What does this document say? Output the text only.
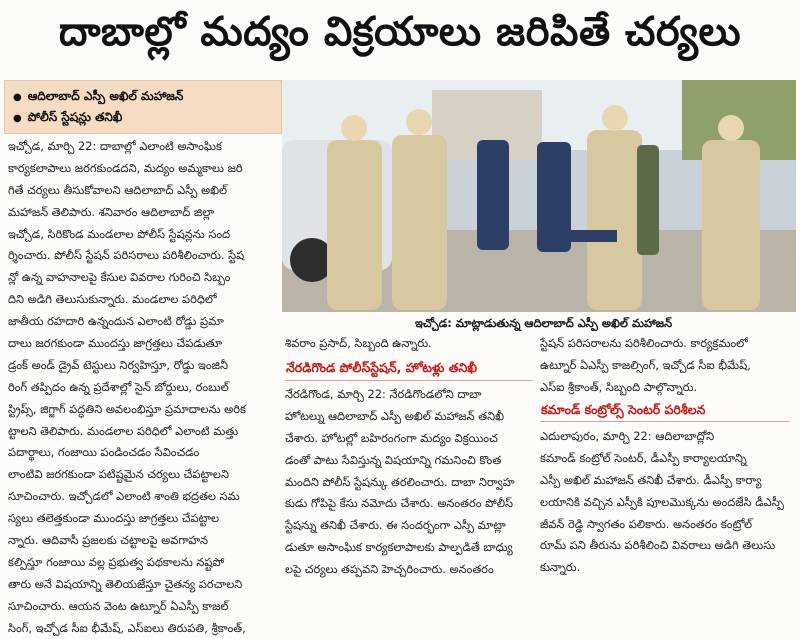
దాబాల్లో మద్యం విక్రయాలు జరిపితే చర్యలు
● ఆదిలాబాద్ ఎస్పీ అఖిల్ మహాజన్
● పోలీస్ స్టేషన్లు తనిఖీ
ఇచ్చోడ, మార్చి 22: దాబాల్లో ఎలాంటి అసాంఘిక
కార్యకలాపాలు జరగకుండదని, మద్యం అమ్మకాలు జరి
గితే చర్యలు తీసుకోవాలని ఆదిలాబాద్ ఎస్పీ అఖిల్
మహాజన్ తెలిపారు. శనివారం ఆదిలాబాద్ జిల్లా
ఇచ్చోడ, సిరికొండ మండలాల పోలీస్ స్టేషన్లను సంద
ర్శించారు. పోలీస్ స్టేషన్ పరిసరాలు పరిశీలించారు. స్టేష
న్లో ఉన్న వాహనాలపై కేసుల వివరాల గురించి సిబ్బం
దిని అడిగి తెలుసుకున్నారు. మండలాల పరిధిలో
జాతీయ రహదారి ఉన్నందున ఎలాంటి రోడ్డు ప్రమా
దాలు జరగకుండా ముందస్తు జాగ్రత్తలు చేపడుతూ
డ్రంక్ అండ్ డ్రైవ్ టెస్టులు నిర్వహిస్తూ, రోడ్డు ఇంజినీ
రింగ్ తప్పిదం ఉన్న ప్రదేశాల్లో సైన్ బోర్డులు, రంబుల్
స్ట్రిప్స్, జిగ్జాగ్ పద్ధతిని అవలంభిస్తూ ప్రమాదాలను అరిక
ట్టాలని తెలిపారు. మండలాల పరిధిలో ఎలాంటి మత్తు
పదార్థాలు, గంజాయి పండించడం సేవించడం
లాంటివి జరగకుండా పటిష్టమైన చర్యలు చేపట్టాలని
సూచించారు. ఇచ్చోడలో ఎలాంటి శాంతి భద్రతల సమ
స్యలు తలెత్తకుండా ముందస్తు జాగ్రత్తలు చేపట్టాల
న్నారు. ఆదివాసీ ప్రజలకు చట్టాలపై అవగాహన
కల్పిస్తూ గంజాయి వల్ల ప్రభుత్వ పథకాలను నష్టపో
తారు అనే విషయాన్ని తెలియజేస్తూ చైతన్య పరచాలని
సూచించారు. ఆయన వెంట ఉట్నూర్ ఏఎస్పీ కాజల్
సింగ్, ఇచ్చోడ సీఐ భీమేష్, ఎస్ఐలు తిరుపతి, శ్రీకాంత్,
ఇచ్చోడ: మాట్లాడుతున్న ఆదిలాబాద్ ఎస్పీ అఖిల్ మహాజన్
శివరాం ప్రసాద్, సిబ్బంది ఉన్నారు.
నేరడిగొండ పోలీస్‌స్టేషన్, హోటళ్లు తనిఖీ
నేరడిగొండ, మార్చి 22: నేరడిగొండలోని దాబా
హోటల్ను ఆదిలాబాద్ ఎస్పీ అఖిల్ మహాజన్ తనిఖీ
చేశారు. హోటల్లో బహిరంగంగా మద్యం విక్రయించ
డంతో పాటు సేవిస్తున్న విషయాన్ని గమనించి కొంత
మందిని పోలీస్ స్టేషన్కు తరలించారు. దాబా నిర్వాహ
కుడు గోపిపై కేసు నమోదు చేశారు. అనంతరం పోలీస్
స్టేషన్ను తనిఖీ చేశారు. ఈ సందర్భంగా ఎస్పీ మాట్లా
డుతూ అసాంఘిక కార్యకలాపాలకు పాల్పడితే బాధ్యు
లపై చర్యలు తప్పవని హెచ్చరించారు. అనంతరం
స్టేషన్ పరిసరాలను పరిశీలించారు. కార్యక్రమంలో
ఉట్నూర్ ఏఎస్పీ కాజల్సింగ్, ఇచ్చోడ సీఐ భీమేష్,
ఎస్ఐ శ్రీకాంత్, సిబ్బంది పాల్గొన్నారు.
కమాండ్ కంట్రోల్స్ సెంటర్ పరిశీలన
ఎదులాపురం, మార్చి 22: ఆదిలాబాద్లోని
కమాండ్ కంట్రోల్ సెంటర్, డీఎస్పీ కార్యాలయాన్ని
ఎస్పీ అఖిల్ మహాజన్ తనిఖీ చేశారు. డీఎస్పీ కార్యా
లయానికి వచ్చిన ఎస్పీకి పూలమొక్కను అందజేసి డీఎస్పీ
జీవన్ రెడ్డి స్వాగతం పలికారు. అనంతరం కంట్రోల్
రూమ్ పని తీరును పరిశీలించి వివరాలు అడిగి తెలుసు
కున్నారు.
